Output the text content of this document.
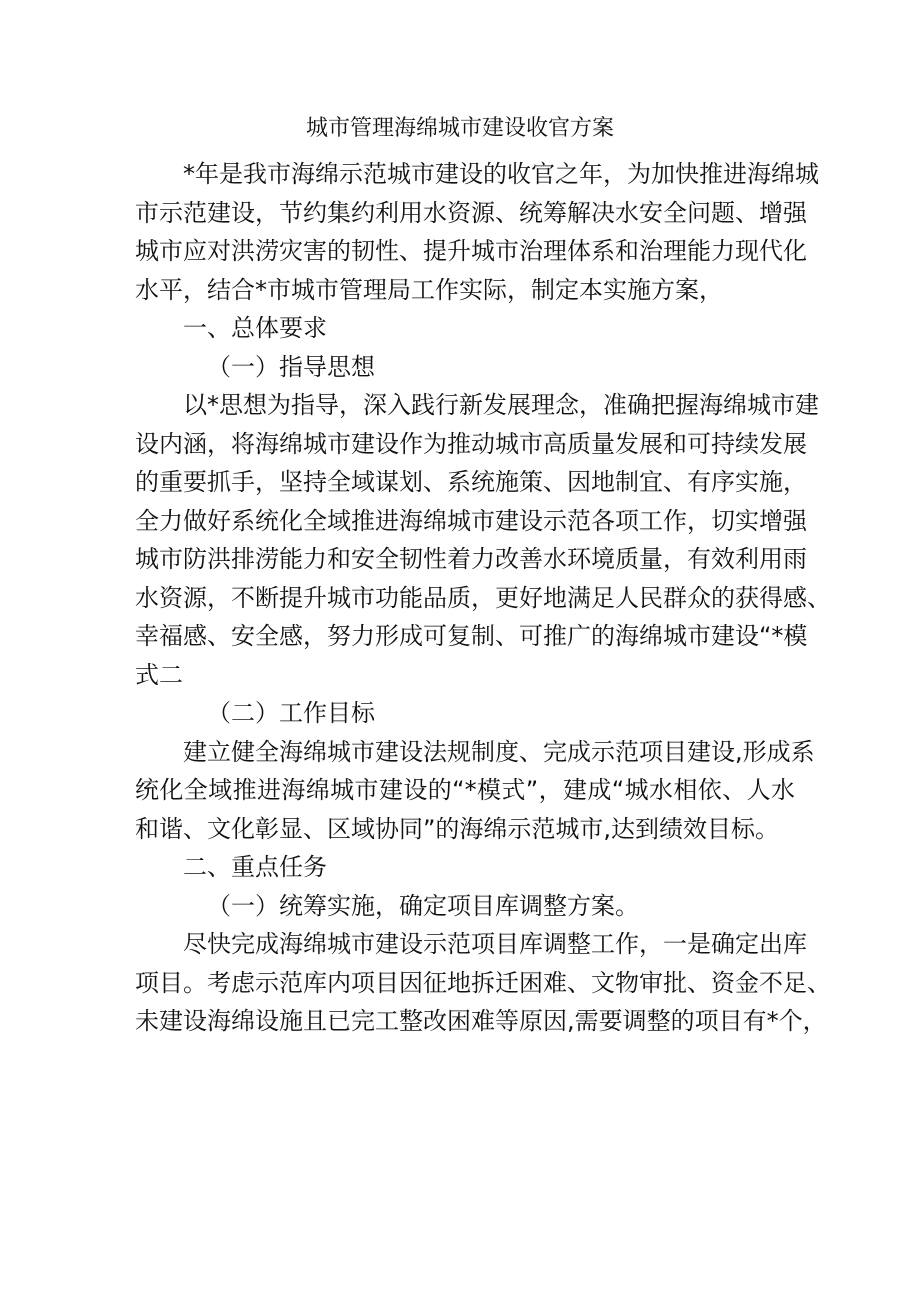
城市管理海绵城市建设收官方案
*年是我市海绵示范城市建设的收官之年，为加快推进海绵城
市示范建设，节约集约利用水资源、统筹解决水安全问题、增强
城市应对洪涝灾害的韧性、提升城市治理体系和治理能力现代化
水平，结合*市城市管理局工作实际，制定本实施方案，
一、总体要求
（一）指导思想
以*思想为指导，深入践行新发展理念，准确把握海绵城市建
设内涵，将海绵城市建设作为推动城市高质量发展和可持续发展
的重要抓手，坚持全域谋划、系统施策、因地制宜、有序实施，
全力做好系统化全域推进海绵城市建设示范各项工作，切实增强
城市防洪排涝能力和安全韧性着力改善水环境质量，有效利用雨
水资源，不断提升城市功能品质，更好地满足人民群众的获得感、
幸福感、安全感，努力形成可复制、可推广的海绵城市建设“*模
式二
（二）工作目标
建立健全海绵城市建设法规制度、完成示范项目建设,形成系
统化全域推进海绵城市建设的“*模式”，建成“城水相依、人水
和谐、文化彰显、区域协同”的海绵示范城市,达到绩效目标。
二、重点任务
（一）统筹实施，确定项目库调整方案。
尽快完成海绵城市建设示范项目库调整工作，一是确定出库
项目。考虑示范库内项目因征地拆迁困难、文物审批、资金不足、
未建设海绵设施且已完工整改困难等原因,需要调整的项目有*个，
